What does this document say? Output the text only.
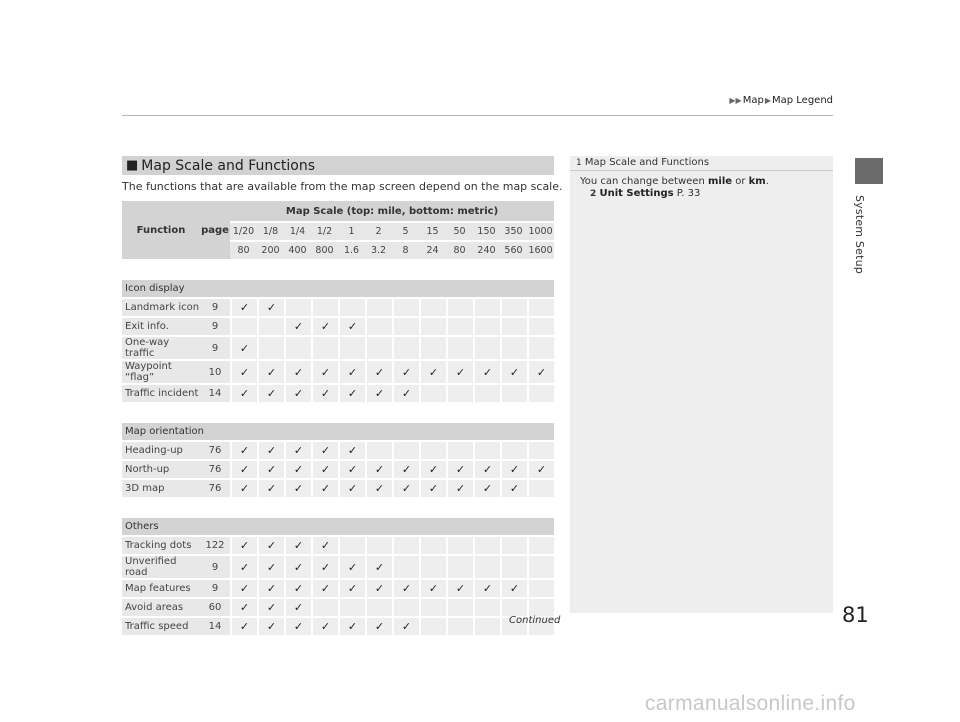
▶▶Map▶Map Legend
System Setup
■ Map Scale and Functions
The functions that are available from the map screen depend on the map scale.
Function	page	Map Scale (top: mile, bottom: metric)											
		1/20	1/8	1/4	1/2	1	2	5	15	50	150	350	1000
		80	200	400	800	1.6	3.2	8	24	80	240	560	1600

Icon display													
Landmark icon	9	✓	✓										
Exit info.	9			✓	✓	✓							
One-way traffic	9	✓											
Waypoint “flag”	10	✓	✓	✓	✓	✓	✓	✓	✓	✓	✓	✓	✓
Traffic incident	14	✓	✓	✓	✓	✓	✓	✓					

Map orientation													
Heading-up	76	✓	✓	✓	✓	✓							
North-up	76	✓	✓	✓	✓	✓	✓	✓	✓	✓	✓	✓	✓
3D map	76	✓	✓	✓	✓	✓	✓	✓	✓	✓	✓	✓	

Others													
Tracking dots	122	✓	✓	✓	✓								
Unverified road	9	✓	✓	✓	✓	✓	✓						
Map features	9	✓	✓	✓	✓	✓	✓	✓	✓	✓	✓	✓	
Avoid areas	60	✓	✓	✓									
Traffic speed	14	✓	✓	✓	✓	✓	✓	✓					
1 Map Scale and Functions
You can change between mile or km.
2 Unit Settings P. 33
81
Continued
carmanualsonline.info
